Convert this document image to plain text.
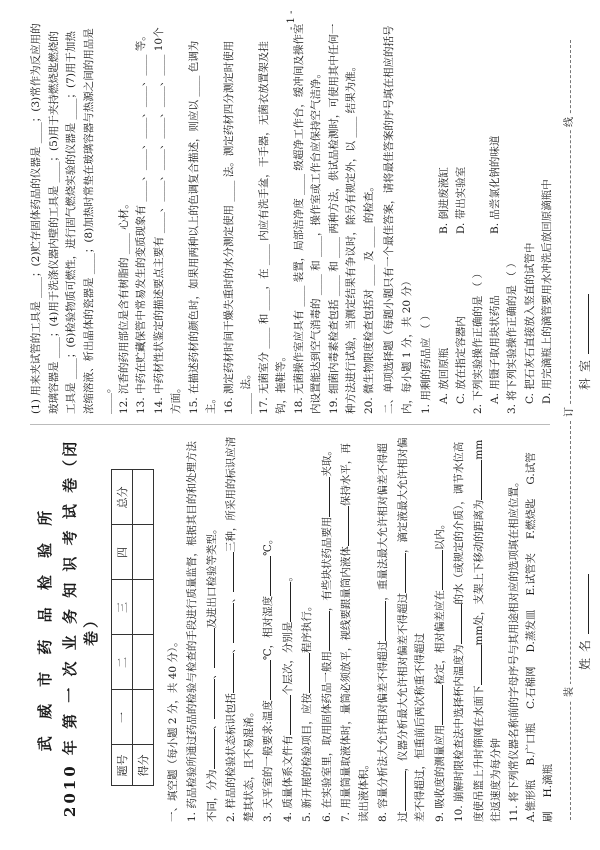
装
订
线
姓名
科室
武 威 市 药 品 检 验 所 2010 年 第 一 次 业 务 知 识 考 试 卷（闭卷）
题号	一	二	三	四	总分
得分					一、填空题（每小题 2 分，共 40 分）。 1. 药品检验所通过药品的检验与检查的手段进行质量监督，根据其目的和处理方法不同，分为、、及进出口检验等类型。

2. 样品的检验状态标识包括、、三种，所采用的标识应清楚其状态，且不易混淆。 3. 天平室的一般要求:温度℃，相对湿度℃。

4. 质量体系文件有个层次，分别是。

5. 新开展的检验项目，应按程序执行。

6. 在实验室里，取用固体药品一般用，有些块状药品要用夹取。

7. 用量筒量取液体时，量筒必须放平，视线要跟量筒内液体保持水平，再读出液体积。 8. 容量分析法大允许相对偏差不得超过，重量法最大允许相对偏差不得超过，仪器分析最大允许相对偏差不得超过，滴定液最大允许相对偏差不得超过，恒重前后两次称重不得超过 9. 吸收度的测量应用检定，相对偏差应在以内。

10. 崩解时限检查法中选择杯内温度为的水（或规定的介质），调节水位高度使吊篮上升时筛网在水面下mm处，支架上下移动的距离为mm往返速度为每分钟 11. 将下列常仪器名称前的字母序号与其用途相对应的选项填在相应位置。 A.锥形瓶B.广口瓶C.石棉网D.蒸发皿E.试管夹F.燃烧匙G.试管刷H.滴瓶

(1) 用来夹试管的工具是 ____；(2)贮存固体药品的仪器是 ____；(3)常作为反应用的玻璃容器是 ____；(4)用于洗涤仪器内壁的工具是 ____；(5)用于夹持燃烧匙燃烧的工具是 ____；(6)检验物质可燃性，进行固气燃烧实验的仪器是 ____；(7)用于加热浓缩溶液、析出晶体的瓷器是 ____；(8)加热时常垫在玻璃容器与热源之间的用品是 ____。 12. 沉香的药用部位是含有树脂的 ____ 心材。

13. 中药在贮藏保管中常易发生的变质现象有 ____、____、____、____、____ 等。

14. 中药材性状鉴定的描述要点主要有 ____、____、____、____、____、____ 10个方面。 15. 在描述药材的颜色时，如果用两种以上的色调复合描述，则应以 ____ 色调为主。 16. 测定药材时间干燥失重时的水分测定使用 ____ 法。测定药材四分测定时使用 ____ 法。 17. 无菌室分 ____ 和 ____，在 ____ 内应有洗手盆，干手器，无菌衣放置架及挂钩，拖鞋等。 18. 无菌操作室应具有 ____ 装置，局部洁净度 ____ 级超净工作台，缓冲间及操作室内设置能达到空气消毒的 ____ 和 ____，操作室或工作台应保持空气洁净。 19. 细菌内毒素检查包括 ____ 和 ____ 两种方法，供试品检测时，可使用其中任何一种方法进行试验，当测定结果有争议时，除另有规定外，以 ____ 结果为准。 20. 微生物限度检查包括对 ____ 及 ____ 的检查。 二、单项选择题（每题小题只有一个最佳答案，请将最佳答案的序号填在相应的括号内，每小题 1 分，共 20 分） 1. 用剩的药品应 （ ）

A. 放回原瓶B. 倒进废液缸C. 放在指定容器内D. 带出实验室

2. 下列实验操作正确的是 （ ）

A. 用镊子取用块状药品B. 品尝氯化钠的味道

3. 将下列实验操作正确的是 （ ） C. 把石灰石直接放入竖直的试管中 D. 用完滴瓶上的滴管要用水冲洗后放回原滴瓶中
- 1 -
